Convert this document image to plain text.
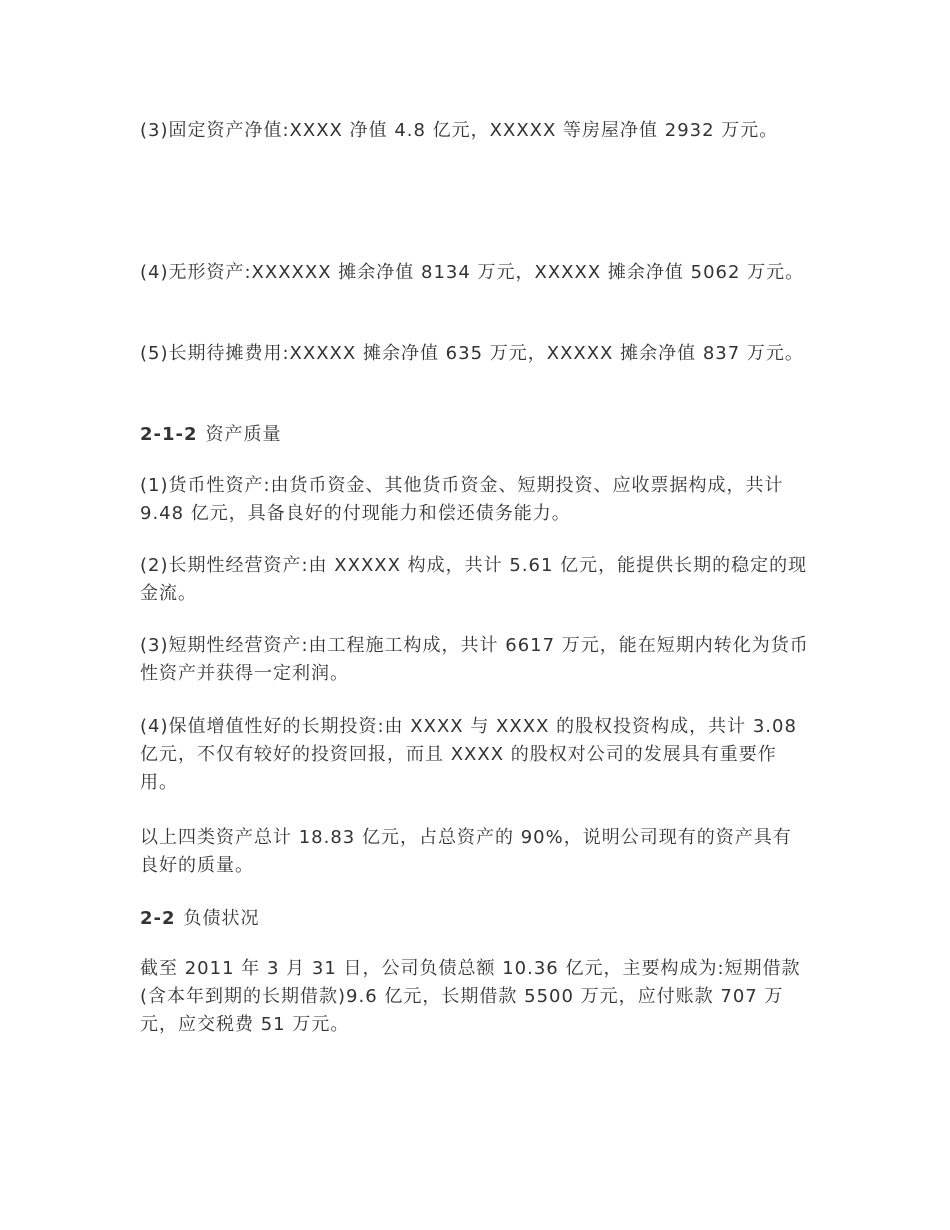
(3)固定资产净值:XXXX 净值 4.8 亿元，XXXXX 等房屋净值 2932 万元。

(4)无形资产:XXXXXX 摊余净值 8134 万元，XXXXX 摊余净值 5062 万元。

(5)长期待摊费用:XXXXX 摊余净值 635 万元，XXXXX 摊余净值 837 万元。

2-1-2 资产质量

(1)货币性资产:由货币资金、其他货币资金、短期投资、应收票据构成，共计 9.48 亿元，具备良好的付现能力和偿还债务能力。

(2)长期性经营资产:由 XXXXX 构成，共计 5.61 亿元，能提供长期的稳定的现金流。

(3)短期性经营资产:由工程施工构成，共计 6617 万元，能在短期内转化为货币性资产并获得一定利润。

(4)保值增值性好的长期投资:由 XXXX 与 XXXX 的股权投资构成，共计 3.08 亿元，不仅有较好的投资回报，而且 XXXX 的股权对公司的发展具有重要作用。

以上四类资产总计 18.83 亿元，占总资产的 90%，说明公司现有的资产具有良好的质量。

2-2 负债状况

截至 2011 年 3 月 31 日，公司负债总额 10.36 亿元，主要构成为:短期借款(含本年到期的长期借款)9.6 亿元，长期借款 5500 万元，应付账款 707 万元，应交税费 51 万元。
